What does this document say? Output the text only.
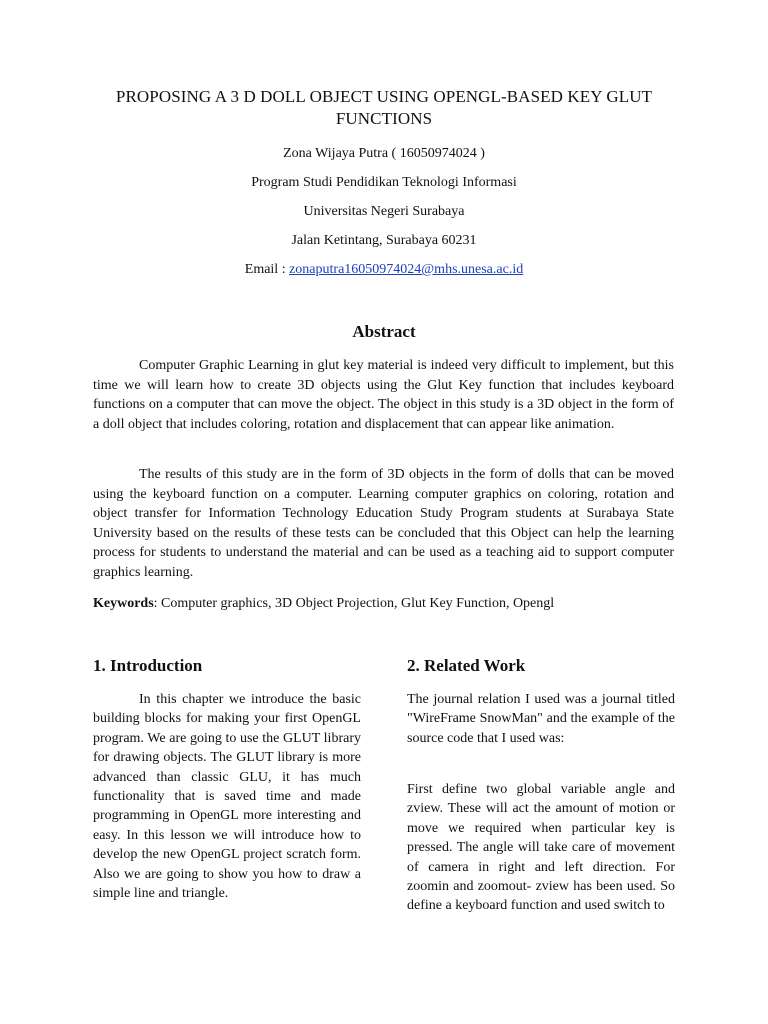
PROPOSING A 3 D DOLL OBJECT USING OPENGL-BASED KEY GLUT FUNCTIONS
Zona Wijaya Putra ( 16050974024 )
Program Studi Pendidikan Teknologi Informasi
Universitas Negeri Surabaya
Jalan Ketintang, Surabaya 60231
Email : zonaputra16050974024@mhs.unesa.ac.id
Abstract

Computer Graphic Learning in glut key material is indeed very difficult to implement, but this time we will learn how to create 3D objects using the Glut Key function that includes keyboard functions on a computer that can move the object. The object in this study is a 3D object in the form of a doll object that includes coloring, rotation and displacement that can appear like animation.

The results of this study are in the form of 3D objects in the form of dolls that can be moved using the keyboard function on a computer. Learning computer graphics on coloring, rotation and object transfer for Information Technology Education Study Program students at Surabaya State University based on the results of these tests can be concluded that this Object can help the learning process for students to understand the material and can be used as a teaching aid to support computer graphics learning.

Keywords: Computer graphics, 3D Object Projection, Glut Key Function, Opengl
1. Introduction	2. Related Work

In this chapter we introduce the basic building blocks for making your first OpenGL program. We are going to use the GLUT library for drawing objects. The GLUT library is more advanced than classic GLU, it has much functionality that is saved time and made programming in OpenGL more interesting and easy. In this lesson we will introduce how to develop the new OpenGL project scratch form. Also we are going to show you how to draw a simple line and triangle.

The journal relation I used was a journal titled "WireFrame SnowMan" and the example of the source code that I used was:

First define two global variable angle and zview. These will act the amount of motion or move we required when particular key is pressed. The angle will take care of movement of camera in right and left direction. For zoomin and zoomout- zview has been used. So define a keyboard function and used switch to
